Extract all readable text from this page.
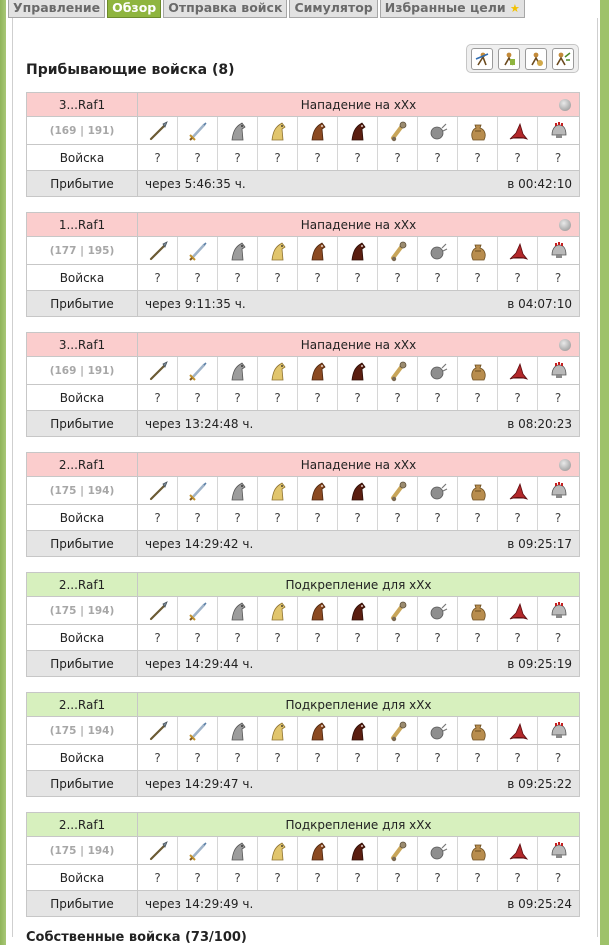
Управление Обзор Отправка войск Симулятор Избранные цели ★
Прибывающие войска (8)
3...Raf1	Нападение на xXx
(169 | 191)
Войска	?	?	?	?	?	?	?	?	?	?	?
Прибытие	через 5:46:35 ч.	в 00:42:10
1...Raf1	Нападение на xXx
(177 | 195)
Войска	?	?	?	?	?	?	?	?	?	?	?
Прибытие	через 9:11:35 ч.	в 04:07:10
3...Raf1	Нападение на xXx
(169 | 191)
Войска	?	?	?	?	?	?	?	?	?	?	?
Прибытие	через 13:24:48 ч.	в 08:20:23
2...Raf1	Нападение на xXx
(175 | 194)
Войска	?	?	?	?	?	?	?	?	?	?	?
Прибытие	через 14:29:42 ч.	в 09:25:17
2...Raf1	Подкрепление для xXx
(175 | 194)
Войска	?	?	?	?	?	?	?	?	?	?	?
Прибытие	через 14:29:44 ч.	в 09:25:19
2...Raf1	Подкрепление для xXx
(175 | 194)
Войска	?	?	?	?	?	?	?	?	?	?	?
Прибытие	через 14:29:47 ч.	в 09:25:22
2...Raf1	Подкрепление для xXx
(175 | 194)
Войска	?	?	?	?	?	?	?	?	?	?	?
Прибытие	через 14:29:49 ч.	в 09:25:24
Собственные войска (73/100)
